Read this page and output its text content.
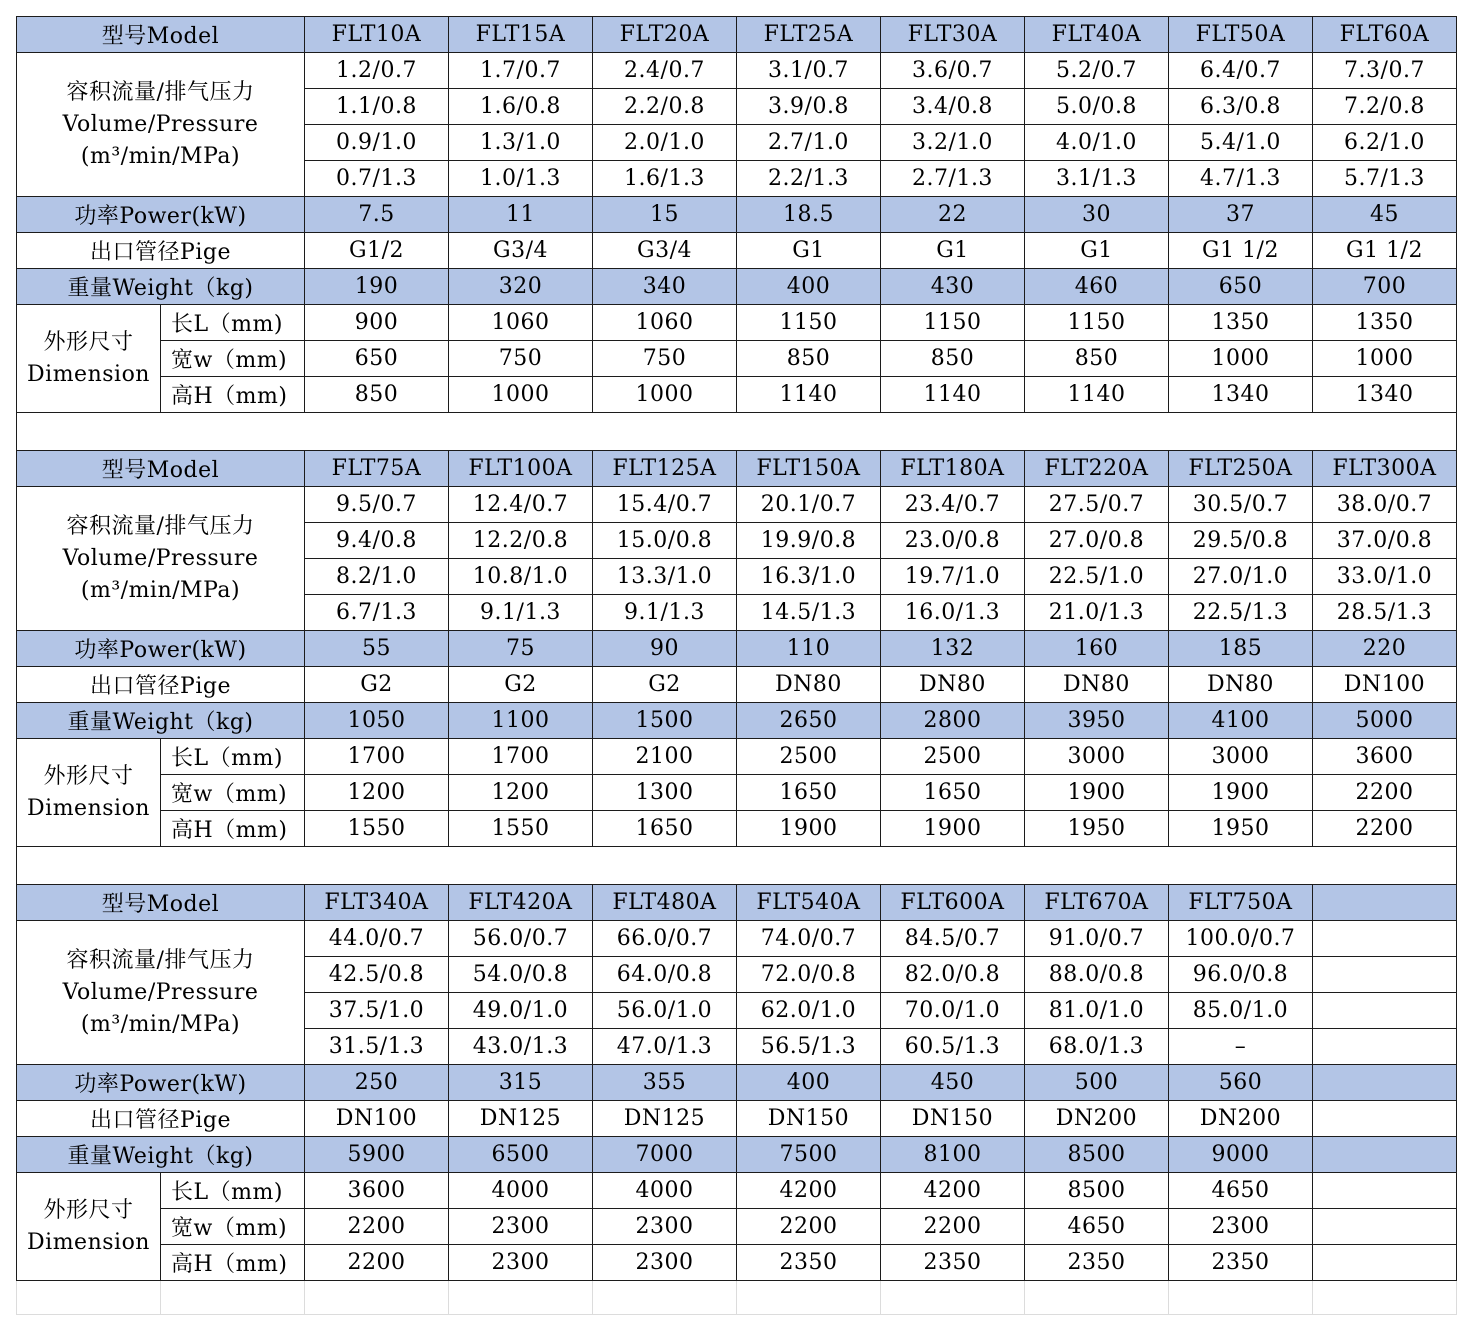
型号Model		FLT10A	FLT15A	FLT20A	FLT25A	FLT30A	FLT40A	FLT50A	FLT60A

容积流量/排气压力
Volume/Pressure
(m³/min/MPa)		1.2/0.7	1.7/0.7	2.4/0.7	3.1/0.7	3.6/0.7	5.2/0.7	6.4/0.7	7.3/0.7
		1.1/0.8	1.6/0.8	2.2/0.8	3.9/0.8	3.4/0.8	5.0/0.8	6.3/0.8	7.2/0.8
		0.9/1.0	1.3/1.0	2.0/1.0	2.7/1.0	3.2/1.0	4.0/1.0	5.4/1.0	6.2/1.0
		0.7/1.3	1.0/1.3	1.6/1.3	2.2/1.3	2.7/1.3	3.1/1.3	4.7/1.3	5.7/1.3
功率Power(kW)		7.5	11	15	18.5	22	30	37	45
出口管径Pige		G1/2	G3/4	G3/4	G1	G1	G1	G1 1/2	G1 1/2
重量Weight（kg)		190	320	340	400	430	460	650	700

外形尺寸
Dimension	长L（mm)	900	1060	1060	1150	1150	1150	1350	1350
	宽w（mm)	650	750	750	850	850	850	1000	1000
	高H（mm)	850	1000	1000	1140	1140	1140	1340	1340
型号Model		FLT75A	FLT100A	FLT125A	FLT150A	FLT180A	FLT220A	FLT250A	FLT300A

容积流量/排气压力
Volume/Pressure
(m³/min/MPa)		9.5/0.7	12.4/0.7	15.4/0.7	20.1/0.7	23.4/0.7	27.5/0.7	30.5/0.7	38.0/0.7
		9.4/0.8	12.2/0.8	15.0/0.8	19.9/0.8	23.0/0.8	27.0/0.8	29.5/0.8	37.0/0.8
		8.2/1.0	10.8/1.0	13.3/1.0	16.3/1.0	19.7/1.0	22.5/1.0	27.0/1.0	33.0/1.0
		6.7/1.3	9.1/1.3	9.1/1.3	14.5/1.3	16.0/1.3	21.0/1.3	22.5/1.3	28.5/1.3
功率Power(kW)		55	75	90	110	132	160	185	220
出口管径Pige		G2	G2	G2	DN80	DN80	DN80	DN80	DN100
重量Weight（kg)		1050	1100	1500	2650	2800	3950	4100	5000

外形尺寸
Dimension	长L（mm)	1700	1700	2100	2500	2500	3000	3000	3600
	宽w（mm)	1200	1200	1300	1650	1650	1900	1900	2200
	高H（mm)	1550	1550	1650	1900	1900	1950	1950	2200
型号Model		FLT340A	FLT420A	FLT480A	FLT540A	FLT600A	FLT670A	FLT750A	

容积流量/排气压力
Volume/Pressure
(m³/min/MPa)		44.0/0.7	56.0/0.7	66.0/0.7	74.0/0.7	84.5/0.7	91.0/0.7	100.0/0.7	
		42.5/0.8	54.0/0.8	64.0/0.8	72.0/0.8	82.0/0.8	88.0/0.8	96.0/0.8	
		37.5/1.0	49.0/1.0	56.0/1.0	62.0/1.0	70.0/1.0	81.0/1.0	85.0/1.0	
		31.5/1.3	43.0/1.3	47.0/1.3	56.5/1.3	60.5/1.3	68.0/1.3	–	
功率Power(kW)		250	315	355	400	450	500	560	
出口管径Pige		DN100	DN125	DN125	DN150	DN150	DN200	DN200	
重量Weight（kg)		5900	6500	7000	7500	8100	8500	9000	

外形尺寸
Dimension	长L（mm)	3600	4000	4000	4200	4200	8500	4650	
	宽w（mm)	2200	2300	2300	2200	2200	4650	2300	
	高H（mm)	2200	2300	2300	2350	2350	2350	2350	
